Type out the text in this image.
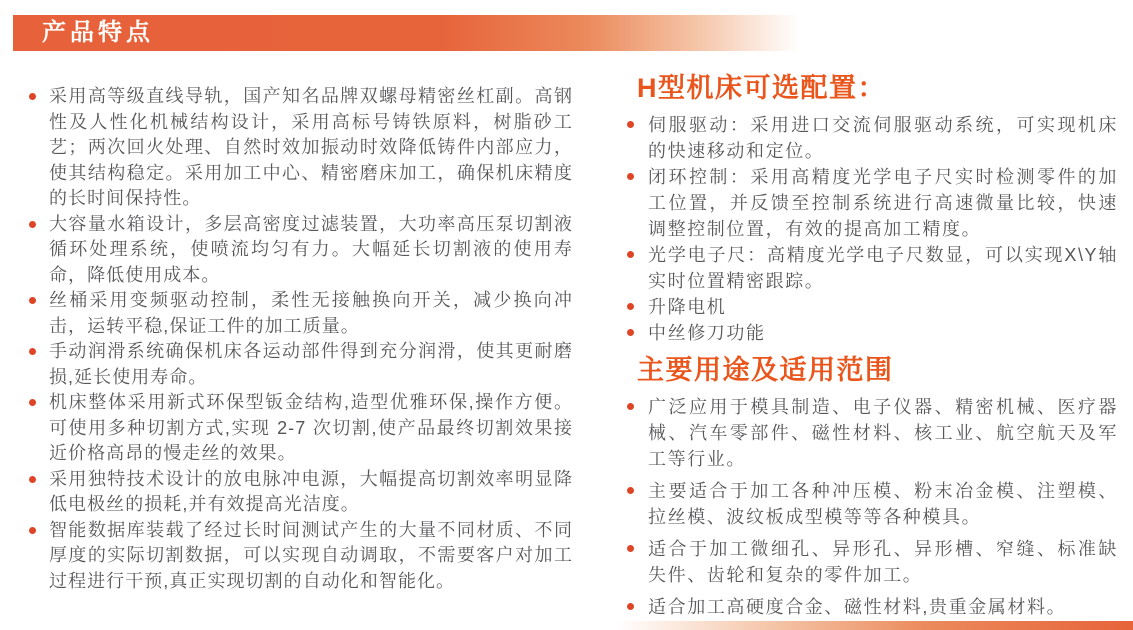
产品特点
采用高等级直线导轨，国产知名品牌双螺母精密丝杠副。高钢性及人性化机械结构设计，采用高标号铸铁原料，树脂砂工艺；两次回火处理、自然时效加振动时效降低铸件内部应力，使其结构稳定。采用加工中心、精密磨床加工，确保机床精度的长时间保持性。
大容量水箱设计，多层高密度过滤装置，大功率高压泵切割液循环处理系统，使喷流均匀有力。大幅延长切割液的使用寿命，降低使用成本。
丝桶采用变频驱动控制，柔性无接触换向开关，减少换向冲击，运转平稳,保证工件的加工质量。
手动润滑系统确保机床各运动部件得到充分润滑，使其更耐磨损,延长使用寿命。
机床整体采用新式环保型钣金结构,造型优雅环保,操作方便。可使用多种切割方式,实现 2-7 次切割,使产品最终切割效果接近价格高昂的慢走丝的效果。
采用独特技术设计的放电脉冲电源，大幅提高切割效率明显降低电极丝的损耗,并有效提高光洁度。
智能数据库装载了经过长时间测试产生的大量不同材质、不同厚度的实际切割数据，可以实现自动调取，不需要客户对加工过程进行干预,真正实现切割的自动化和智能化。
H型机床可选配置：
伺服驱动：采用进口交流伺服驱动系统，可实现机床的快速移动和定位。
闭环控制：采用高精度光学电子尺实时检测零件的加工位置，并反馈至控制系统进行高速微量比较，快速调整控制位置，有效的提高加工精度。
光学电子尺：高精度光学电子尺数显，可以实现X\Y轴实时位置精密跟踪。
升降电机
中丝修刀功能
主要用途及适用范围
广泛应用于模具制造、电子仪器、精密机械、医疗器械、汽车零部件、磁性材料、核工业、航空航天及军工等行业。
主要适合于加工各种冲压模、粉末冶金模、注塑模、拉丝模、波纹板成型模等等各种模具。
适合于加工微细孔、异形孔、异形槽、窄缝、标准缺失件、齿轮和复杂的零件加工。
适合加工高硬度合金、磁性材料,贵重金属材料。
